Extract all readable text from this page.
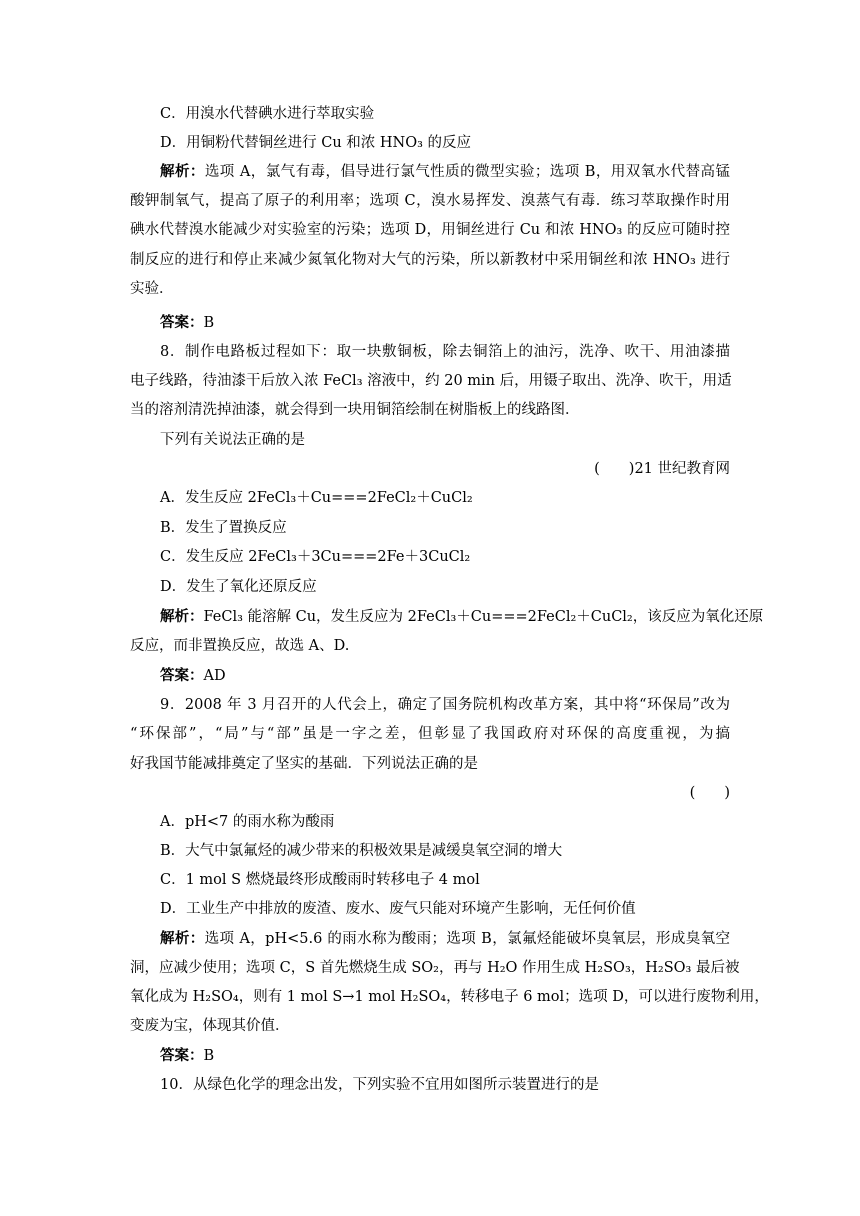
C．用溴水代替碘水进行萃取实验
D．用铜粉代替铜丝进行 Cu 和浓 HNO₃ 的反应
解析：选项 A，氯气有毒，倡导进行氯气性质的微型实验；选项 B，用双氧水代替高锰
酸钾制氧气，提高了原子的利用率；选项 C，溴水易挥发、溴蒸气有毒．练习萃取操作时用
碘水代替溴水能减少对实验室的污染；选项 D，用铜丝进行 Cu 和浓 HNO₃ 的反应可随时控
制反应的进行和停止来减少氮氧化物对大气的污染，所以新教材中采用铜丝和浓 HNO₃ 进行
实验．
答案：B
8．制作电路板过程如下：取一块敷铜板，除去铜箔上的油污，洗净、吹干、用油漆描
电子线路，待油漆干后放入浓 FeCl₃ 溶液中，约 20 min 后，用镊子取出、洗净、吹干，用适
当的溶剂清洗掉油漆，就会得到一块用铜箔绘制在树脂板上的线路图．
下列有关说法正确的是
(　　)21 世纪教育网
A．发生反应 2FeCl₃＋Cu===2FeCl₂＋CuCl₂
B．发生了置换反应
C．发生反应 2FeCl₃＋3Cu===2Fe＋3CuCl₂
D．发生了氧化还原反应
解析：FeCl₃ 能溶解 Cu，发生反应为 2FeCl₃＋Cu===2FeCl₂＋CuCl₂，该反应为氧化还原
反应，而非置换反应，故选 A、D.
答案：AD
9．2008 年 3 月召开的人代会上，确定了国务院机构改革方案，其中将“环保局”改为
“环保部”，“局”与“部”虽是一字之差，但彰显了我国政府对环保的高度重视，为搞
好我国节能减排奠定了坚实的基础．下列说法正确的是
(　　)
A．pH<7 的雨水称为酸雨
B．大气中氯氟烃的减少带来的积极效果是减缓臭氧空洞的增大
C．1 mol S 燃烧最终形成酸雨时转移电子 4 mol
D．工业生产中排放的废渣、废水、废气只能对环境产生影响，无任何价值
解析：选项 A，pH<5.6 的雨水称为酸雨；选项 B，氯氟烃能破坏臭氧层，形成臭氧空
洞，应减少使用；选项 C，S 首先燃烧生成 SO₂，再与 H₂O 作用生成 H₂SO₃，H₂SO₃ 最后被
氧化成为 H₂SO₄，则有 1 mol S→1 mol H₂SO₄，转移电子 6 mol；选项 D，可以进行废物利用，
变废为宝，体现其价值．
答案：B
10．从绿色化学的理念出发，下列实验不宜用如图所示装置进行的是
